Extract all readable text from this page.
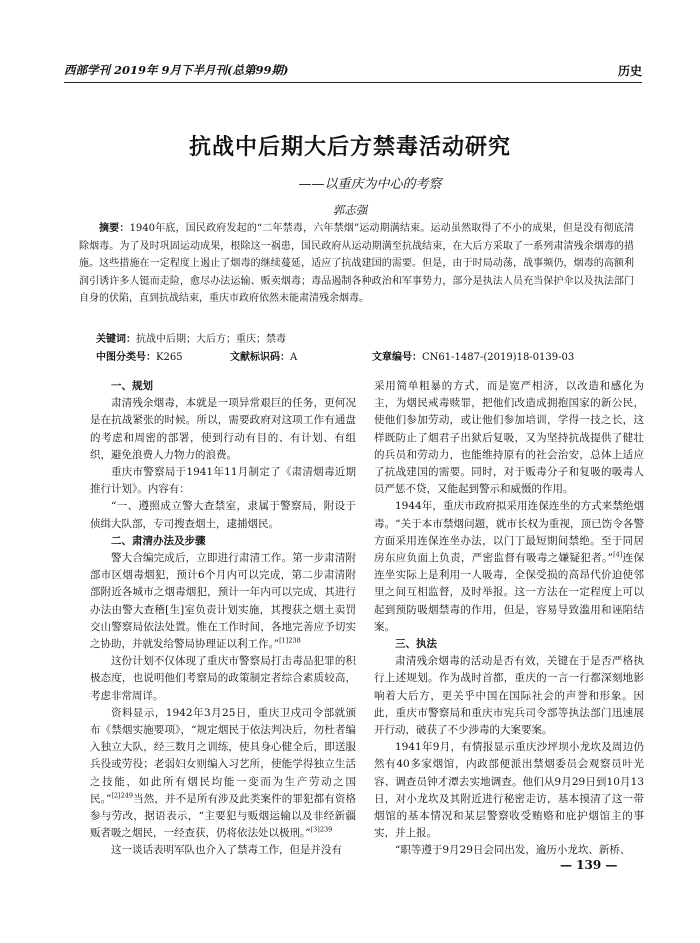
西部学刊 2019年 9月下半月刊(总第99期)	历史
抗战中后期大后方禁毒活动研究
——以重庆为中心的考察
郭志强
摘要：1940年底，国民政府发起的“二年禁毒，六年禁烟”运动期满结束。运动虽然取得了不小的成果，但是没有彻底清除烟毒。为了及时巩固运动成果，根除这一祸患，国民政府从运动期满至抗战结束，在大后方采取了一系列肃清残余烟毒的措施。这些措施在一定程度上遏止了烟毒的继续蔓延，适应了抗战建国的需要。但是，由于时局动荡，战事频仍，烟毒的高额利润引诱许多人铤而走险，愈尽办法运输、贩卖烟毒；毒品遏制各种政治和军事势力，部分是执法人员充当保护伞以及执法部门自身的伏陷，直到抗战结束，重庆市政府依然未能肃清残余烟毒。
关键词：抗战中后期；大后方；重庆；禁毒
中图分类号：K265	文献标识码：A	文章编号：CN61-1487-(2019)18-0139-03
一、规划

肃清残余烟毒，本就是一项异常艰巨的任务，更何况是在抗战紧张的时候。所以，需要政府对这项工作有通盘的考虑和周密的部署，使到行动有目的、有计划、有组织，避免浪费人力物力的浪费。

重庆市警察局于1941年11月制定了《肃清烟毒近期推行计划》。内容有：

“一、遵照成立警大查禁室，隶属于警察局，附设于侦缉大队部，专司搜查烟土，逮捕烟民。

二、肃清办法及步骤

警大合编完成后，立即进行肃清工作。第一步肃清附部市区烟毒烟犯，预计6个月内可以完成，第二步肃清附部附近各城市之烟毒烟犯，预计一年内可以完成，其进行办法由警大查稽[生]室负责计划实施，其搜获之烟土卖罚交山警察局依法处置。惟在工作时间，各地完善应予切实之协助，并就发给警局协理证以利工作。”$^{[1]238}$

这份计划不仅体现了重庆市警察局打击毒品犯罪的积极态度，也说明他们考察局的政策制定者综合素质较高，考虑非常周详。

资料显示，1942年3月25日，重庆卫戍司令部就颁布《禁烟实施要项》，“规定烟民于依法判决后，勿杜者编入独立大队，经三数月之训练，使具身心健全后，即送服兵役或劳役；老弱妇女则编入习艺所，使能学得独立生活之技能，如此所有烟民均能一变而为生产劳动之国民。”$^{[2]249}$当然，并不是所有涉及此类案件的罪犯都有资格参与劳改，据语表示，“主要犯与贩烟运输以及非经新疆贩者吸之烟民，一经查获，仍将依法处以极刑。”$^{[3]239}$

这一谈话表明军队也介入了禁毒工作，但是并没有

采用简单粗暴的方式，而是宽严相济，以改造和感化为主，为烟民戒毒赎罪，把他们改造成拥抱国家的新公民，使他们参加劳动，或让他们参加培训，学得一技之长，这样既防止了烟君子出狱后复吸，又为坚持抗战提供了健壮的兵员和劳动力，也能维持原有的社会治安，总体上适应了抗战建国的需要。同时，对于贩毒分子和复吸的吸毒人员严惩不贷，又能起到警示和威慑的作用。

1944年，重庆市政府拟采用连保连坐的方式来禁绝烟毒。“关于本市禁烟问题，就市长权为重视，顶已饬令各警方面采用连保连坐办法，以门丁最短期间禁绝。至于同居房东应负面上负责，严密监督有吸毒之嫌疑犯者。”[4]连保连坐实际上是利用一人吸毒，全保受损的高昂代价迫使邻里之间互相监督，及时举报。这一方法在一定程度上可以起到预防吸烟禁毒的作用，但是，容易导致滥用和诬陷结案。

三、执法

肃清残余烟毒的活动是否有效，关键在于是否严格执行上述规划。作为战时首都，重庆的一言一行都深刻地影响着大后方，更关乎中国在国际社会的声誉和形象。因此，重庆市警察局和重庆市宪兵司令部等执法部门迅速展开行动，破获了不少涉毒的大案要案。

1941年9月，有情报显示重庆沙坪坝小龙坎及周边仍然有40多家烟馆，内政部便派出禁烟委员会观察员叶光容、调查员钟才潭去实地调查。他们从9月29日到10月13日，对小龙坎及其附近进行秘密走访，基本摸清了这一带烟馆的基本情况和某层警察收受贿赂和庇护烟馆主的事实，并上报。

“职等遵于9月29日会同出发，逾历小龙坎、新桥、

— 139 —
